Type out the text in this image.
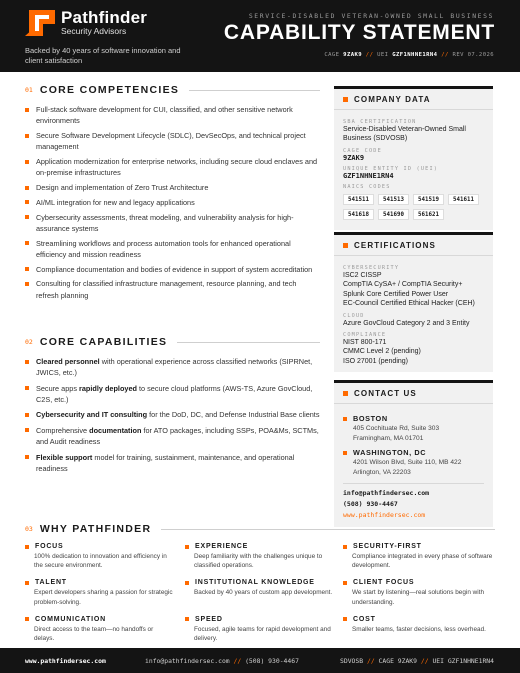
Pathfinder
Security Advisors
Backed by 40 years of software innovation and client satisfaction
SERVICE-DISABLED VETERAN-OWNED SMALL BUSINESS
CAPABILITY STATEMENT
CAGE 9ZAK9 // UEI GZF1NHNE1RN4 // REV 07.2026
01 CORE COMPETENCIES
Full-stack software development for CUI, classified, and other sensitive network environments
Secure Software Development Lifecycle (SDLC), DevSecOps, and technical project management
Application modernization for enterprise networks, including secure cloud enclaves and on-premise infrastructures
Design and implementation of Zero Trust Architecture
AI/ML integration for new and legacy applications
Cybersecurity assessments, threat modeling, and vulnerability analysis for high-assurance systems
Streamlining workflows and process automation tools for enhanced operational efficiency and mission readiness
Compliance documentation and bodies of evidence in support of system accreditation
Consulting for classified infrastructure management, resource planning, and tech refresh planning
02 CORE CAPABILITIES
Cleared personnel with operational experience across classified networks (SIPRNet, JWICS, etc.)
Secure apps rapidly deployed to secure cloud platforms (AWS-TS, Azure GovCloud, C2S, etc.)
Cybersecurity and IT consulting for the DoD, DC, and Defense Industrial Base clients
Comprehensive documentation for ATO packages, including SSPs, POA&Ms, SCTMs, and Audit readiness
Flexible support model for training, sustainment, maintenance, and operational readiness
COMPANY DATA
SBA CERTIFICATION
Service-Disabled Veteran-Owned Small Business (SDVOSB)
CAGE CODE
9ZAK9
UNIQUE ENTITY ID (UEI)
GZF1NHNE1RN4
NAICS CODES
541511	541513	541519	541611
541618	541690	561621
CERTIFICATIONS
CYBERSECURITY
ISC2 CISSP
CompTIA CySA+ / CompTIA Security+
Splunk Core Certified Power User
EC-Council Certified Ethical Hacker (CEH)
CLOUD
Azure GovCloud Category 2 and 3 Entity
COMPLIANCE
NIST 800-171
CMMC Level 2 (pending)
ISO 27001 (pending)
CONTACT US
BOSTON
405 Cochituate Rd, Suite 303
Framingham, MA 01701
WASHINGTON, DC
4201 Wilson Blvd, Suite 110, MB 422
Arlington, VA 22203
info@pathfindersec.com
(508) 930-4467
www.pathfindersec.com
03 WHY PATHFINDER
FOCUS
100% dedication to innovation and efficiency in the secure environment.
EXPERIENCE
Deep familiarity with the challenges unique to classified operations.
SECURITY-FIRST
Compliance integrated in every phase of software development.
TALENT
Expert developers sharing a passion for strategic problem-solving.
INSTITUTIONAL KNOWLEDGE
Backed by 40 years of custom app development.
CLIENT FOCUS
We start by listening—real solutions begin with understanding.
COMMUNICATION
Direct access to the team—no handoffs or delays.
SPEED
Focused, agile teams for rapid development and delivery.
COST
Smaller teams, faster decisions, less overhead.
www.pathfindersec.com	info@pathfindersec.com // (508) 930-4467	SDVOSB // CAGE 9ZAK9 // UEI GZF1NHNE1RN4
